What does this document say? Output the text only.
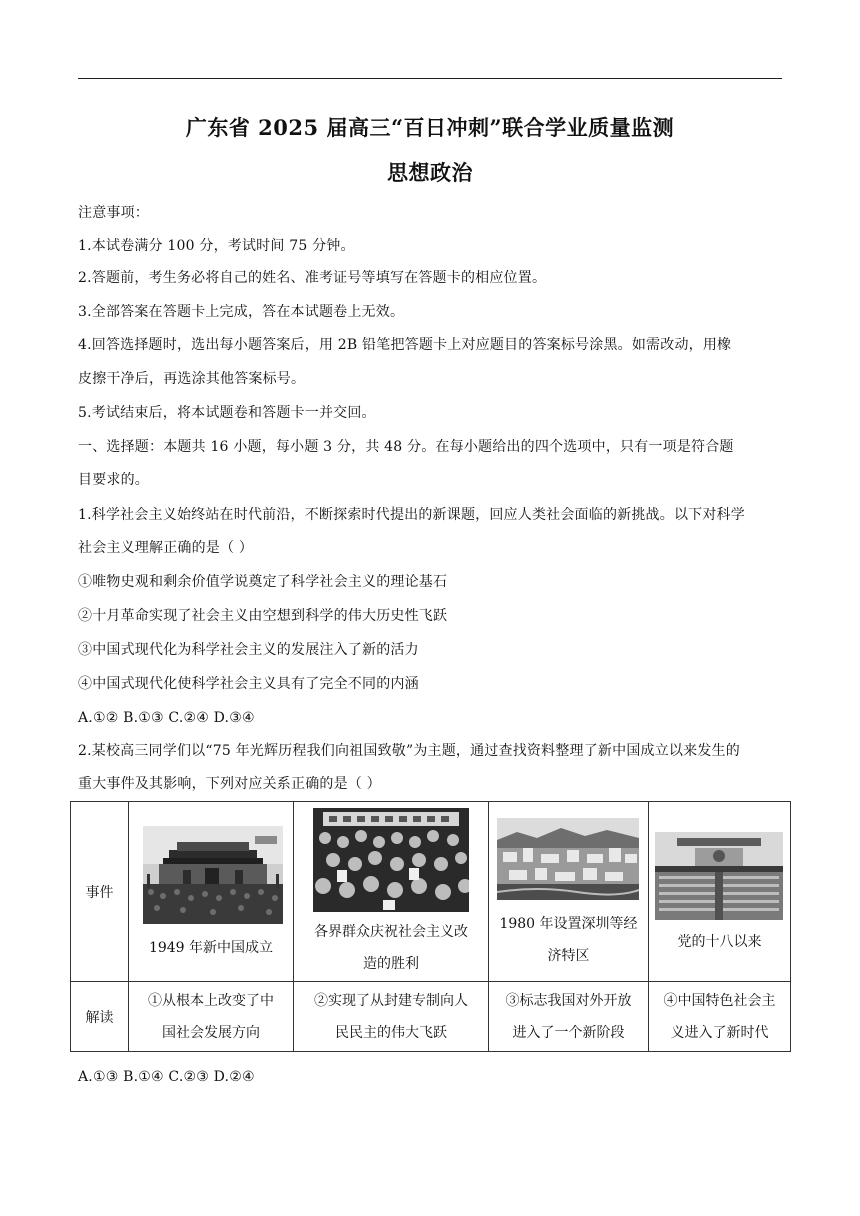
广东省 2025 届高三“百日冲刺”联合学业质量监测
思想政治
注意事项：
1.本试卷满分 100 分，考试时间 75 分钟。
2.答题前，考生务必将自己的姓名、准考证号等填写在答题卡的相应位置。
3.全部答案在答题卡上完成，答在本试题卷上无效。
4.回答选择题时，选出每小题答案后，用 2B 铅笔把答题卡上对应题目的答案标号涂黑。如需改动，用橡
皮擦干净后，再选涂其他答案标号。
5.考试结束后，将本试题卷和答题卡一并交回。
一、选择题：本题共 16 小题，每小题 3 分，共 48 分。在每小题给出的四个选项中，只有一项是符合题
目要求的。
1.科学社会主义始终站在时代前沿，不断探索时代提出的新课题，回应人类社会面临的新挑战。以下对科学
社会主义理解正确的是（ ）
①唯物史观和剩余价值学说奠定了科学社会主义的理论基石
②十月革命实现了社会主义由空想到科学的伟大历史性飞跃
③中国式现代化为科学社会主义的发展注入了新的活力
④中国式现代化使科学社会主义具有了完全不同的内涵
A.①② B.①③ C.②④ D.③④
2.某校高三同学们以“75 年光辉历程我们向祖国致敬”为主题，通过查找资料整理了新中国成立以来发生的
重大事件及其影响，下列对应关系正确的是（ ）
事件	1949 年新中国成立	各界群众庆祝社会主义改
造的胜利	1980 年设置深圳等经
济特区	党的十八以来

解读	①从根本上改变了中
国社会发展方向	②实现了从封建专制向人
民民主的伟大飞跃	③标志我国对外开放
进入了一个新阶段	④中国特色社会主
义进入了新时代
A.①③ B.①④ C.②③ D.②④
